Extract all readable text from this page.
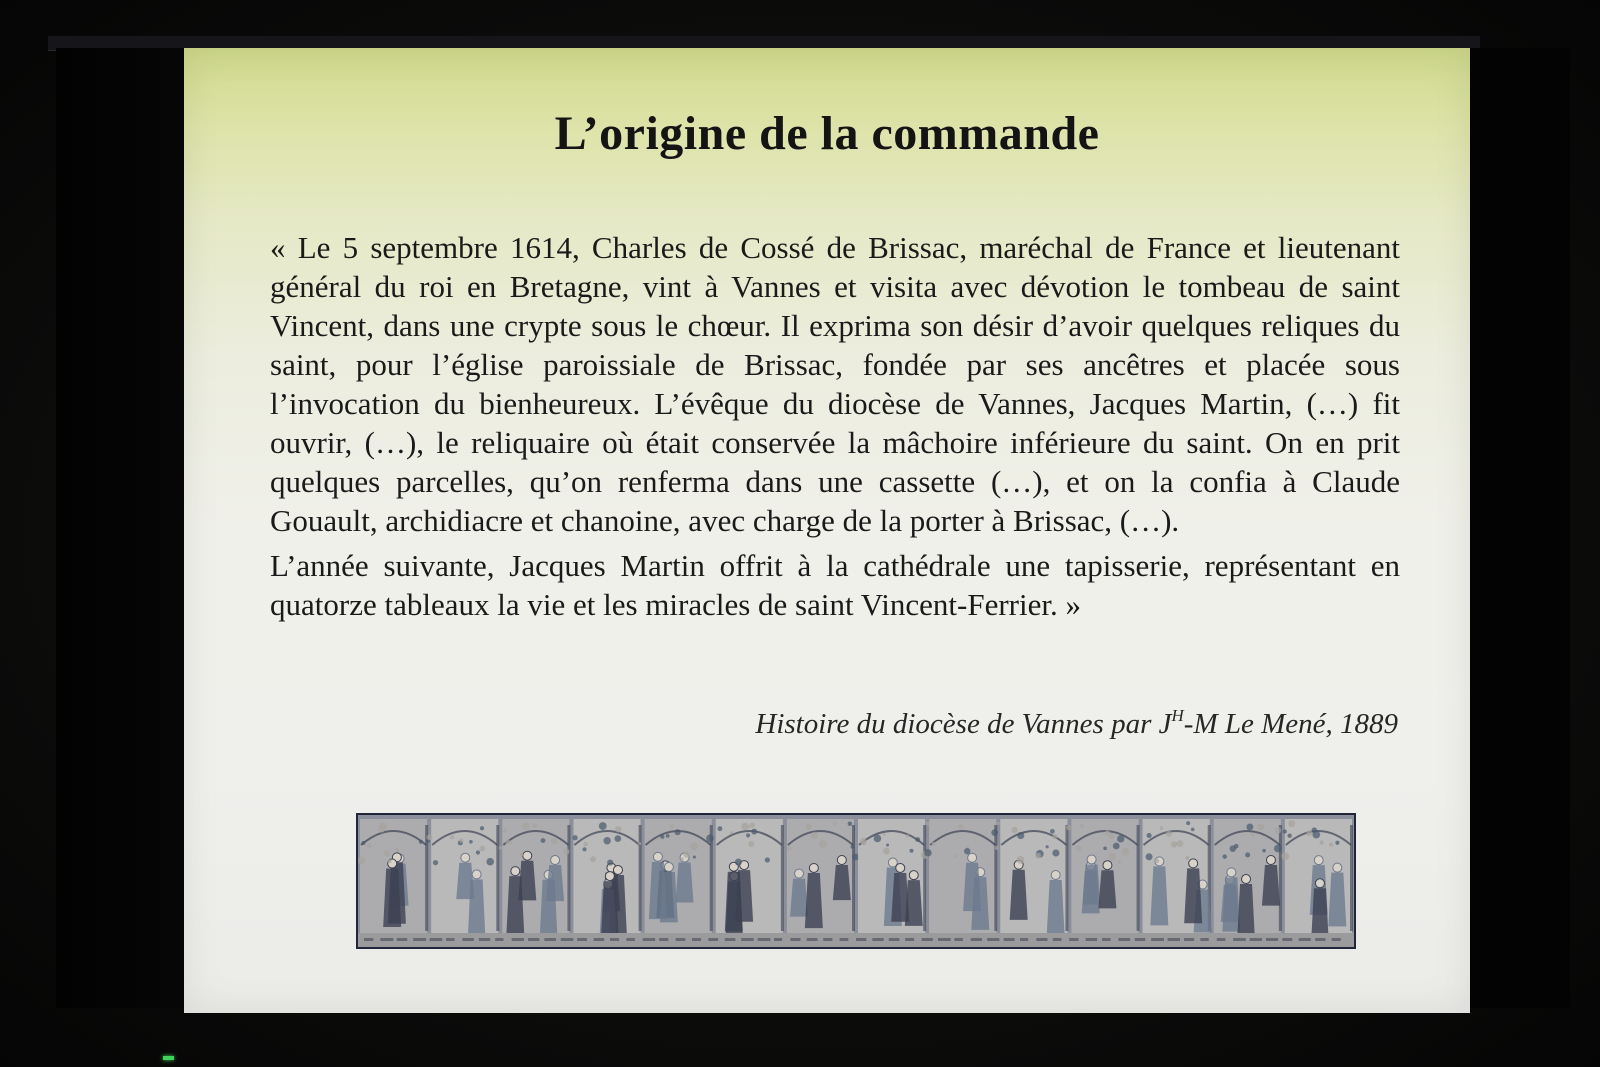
L’origine de la commande

« Le 5 septembre 1614, Charles de Cossé de Brissac, maréchal de France et lieutenant général du roi en Bretagne, vint à Vannes et visita avec dévotion le tombeau de saint Vincent, dans une crypte sous le chœur. Il exprima son désir d’avoir quelques reliques du saint, pour l’église paroissiale de Brissac, fondée par ses ancêtres et placée sous l’invocation du bienheureux. L’évêque du diocèse de Vannes, Jacques Martin, (…) fit ouvrir, (…), le reliquaire où était conservée la mâchoire inférieure du saint. On en prit quelques parcelles, qu’on renferma dans une cassette (…), et on la confia à Claude Gouault, archidiacre et chanoine, avec charge de la porter à Brissac, (…).

L’année suivante, Jacques Martin offrit à la cathédrale une tapisserie, représentant en quatorze tableaux la vie et les miracles de saint Vincent-Ferrier. »

Histoire du diocèse de Vannes par $J^H-M$ Le Mené, 1889
